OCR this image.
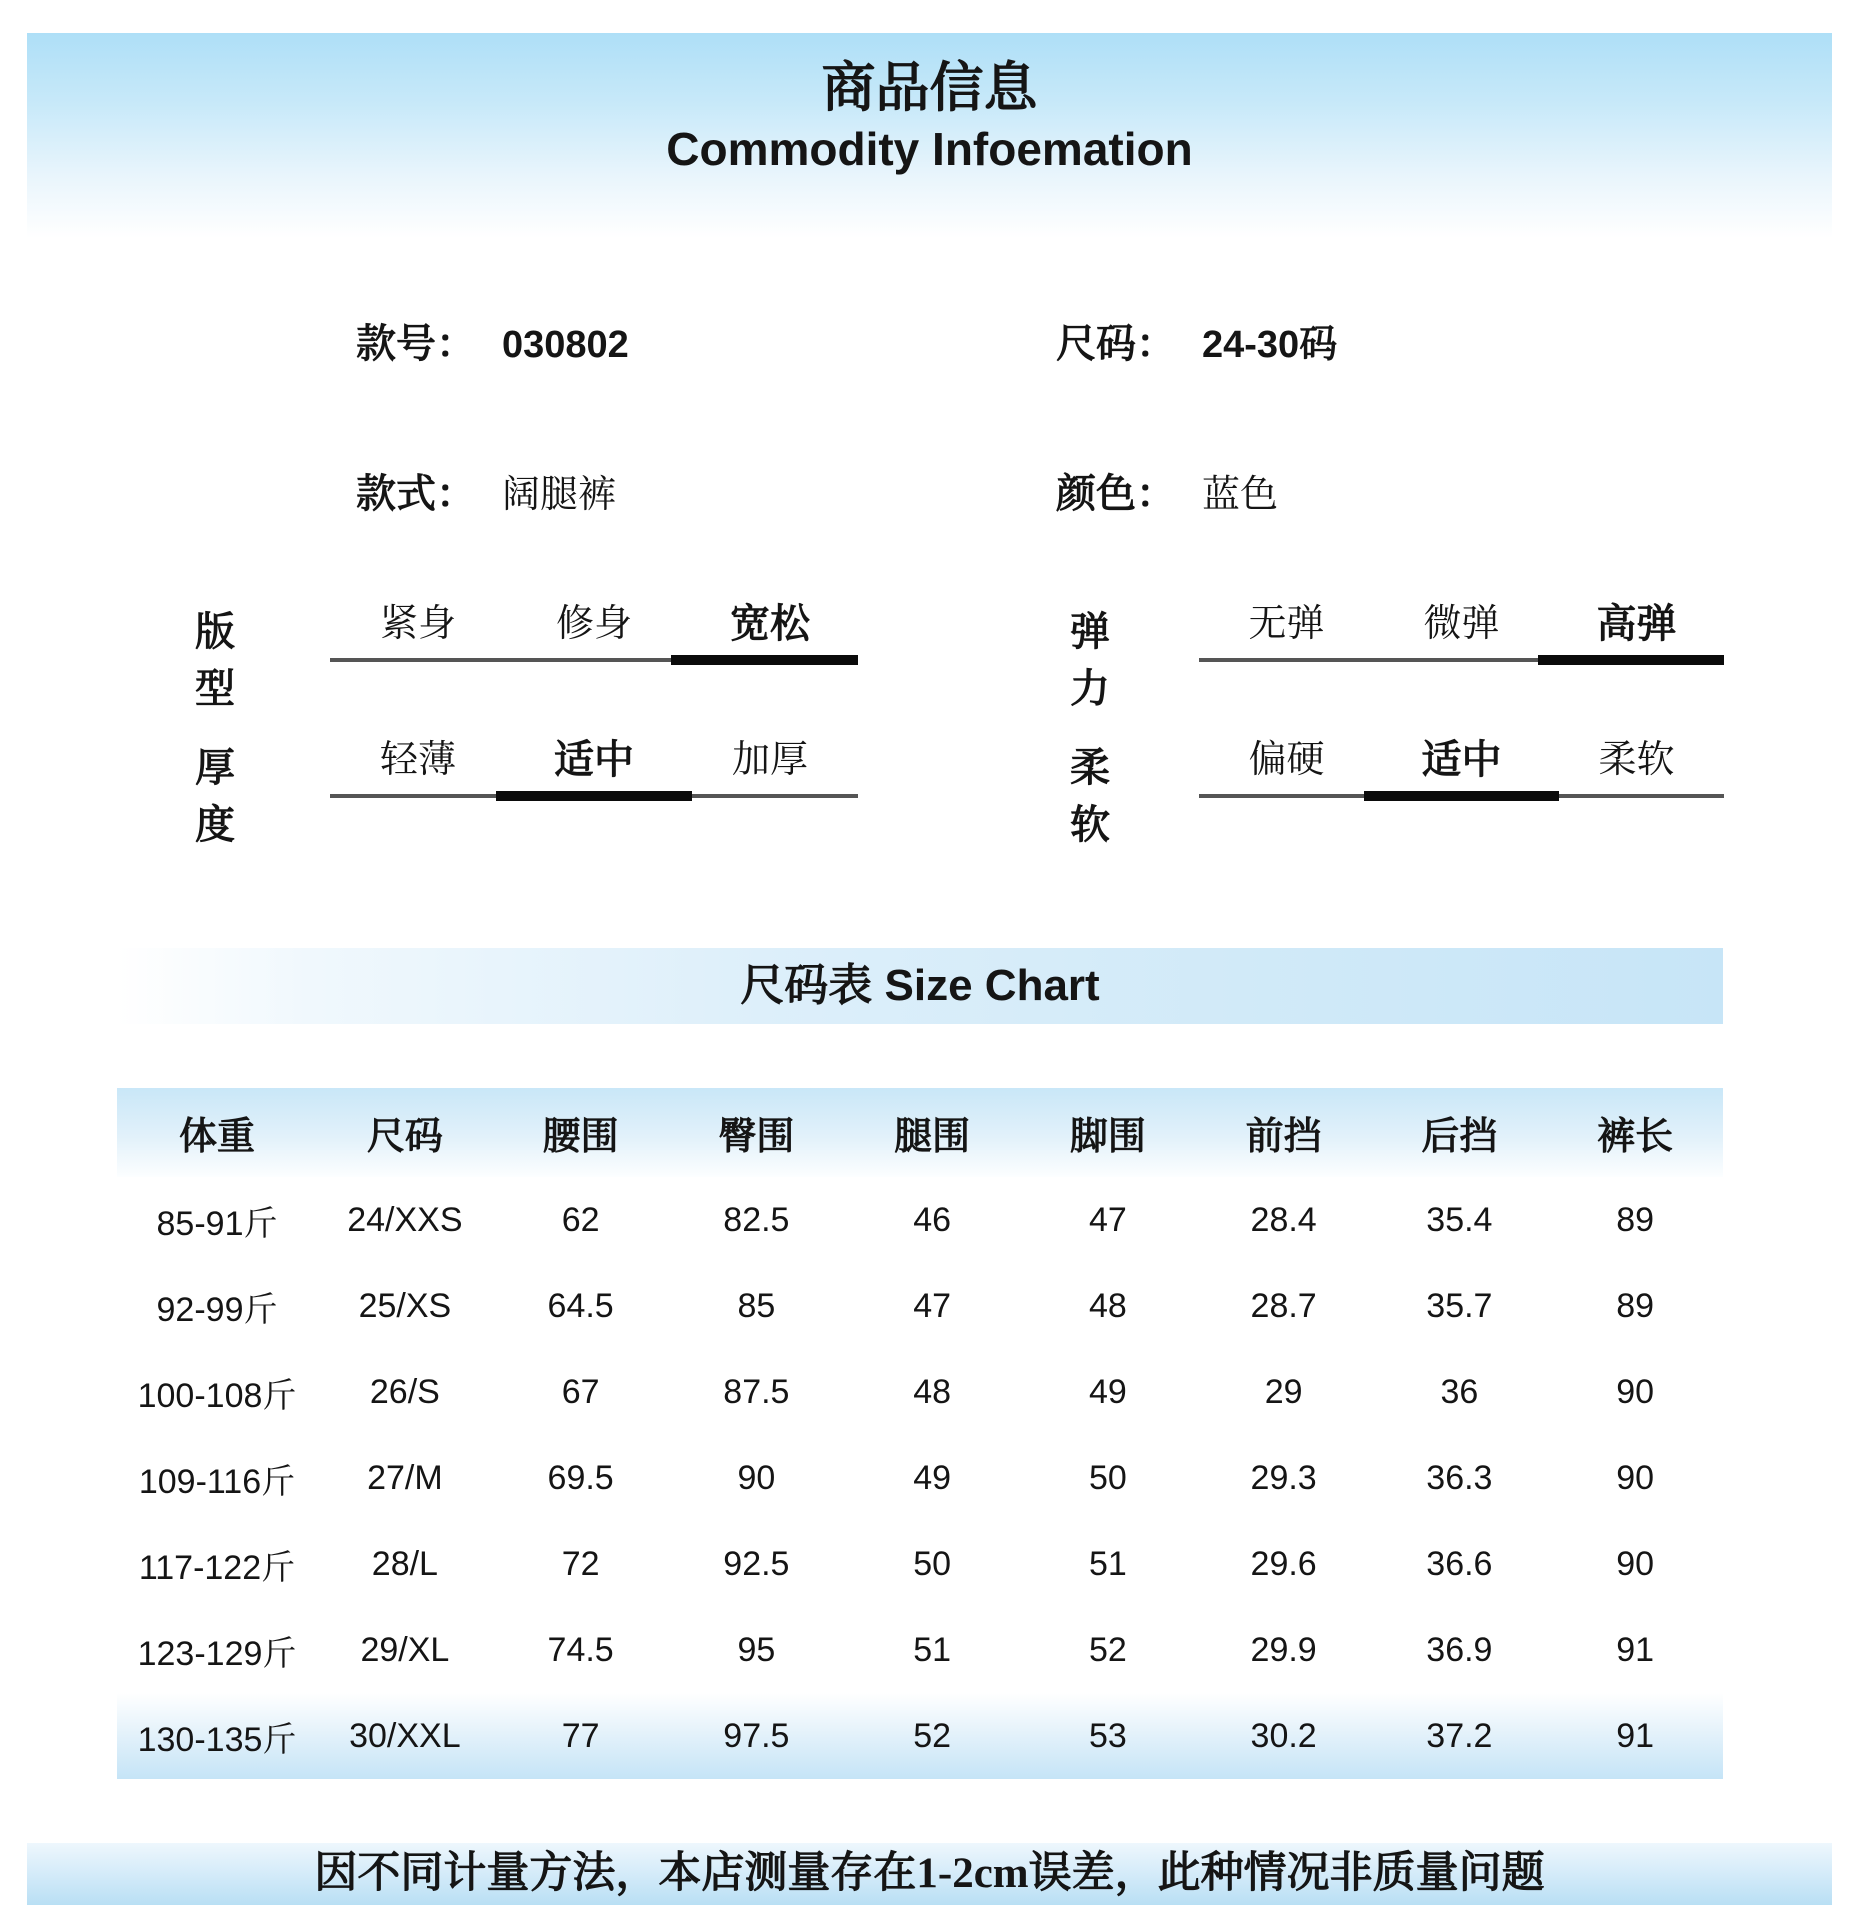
商品信息
Commodity Infoemation
款号： 030802	尺码： 24-30码
款式： 阔腿裤	颜色： 蓝色
版型
紧身	修身	宽松	弹力
无弹	微弹	高弹
厚度
轻薄	适中	加厚	柔软
偏硬	适中	柔软
尺码表 Size Chart
体重	尺码	腰围	臀围	腿围	脚围	前挡	后挡	裤长
85-91斤	24/XXS	62	82.5	46	47	28.4	35.4	89
92-99斤	25/XS	64.5	85	47	48	28.7	35.7	89
100-108斤	26/S	67	87.5	48	49	29	36	90
109-116斤	27/M	69.5	90	49	50	29.3	36.3	90
117-122斤	28/L	72	92.5	50	51	29.6	36.6	90
123-129斤	29/XL	74.5	95	51	52	29.9	36.9	91
130-135斤	30/XXL	77	97.5	52	53	30.2	37.2	91
因不同计量方法，本店测量存在1-2cm误差，此种情况非质量问题
